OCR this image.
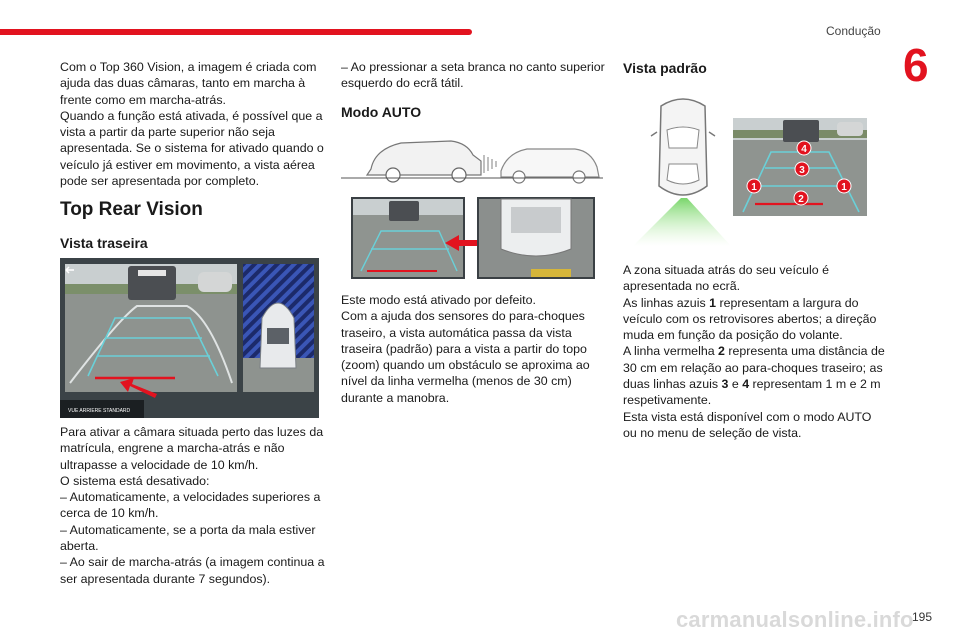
Condução
6

Com o Top 360 Vision, a imagem é criada com ajuda das duas câmaras, tanto em marcha à frente como em marcha-atrás.

Quando a função está ativada, é possível que a vista a partir da parte superior não seja apresentada. Se o sistema for ativado quando o veículo já estiver em movimento, a vista aérea pode ser apresentada por completo.

Top Rear Vision
Vista traseira
VUE ARRIERE STANDARD

Para ativar a câmara situada perto das luzes da matrícula, engrene a marcha-atrás e não ultrapasse a velocidade de 10 km/h.

O sistema está desativado:

– Automaticamente, a velocidades superiores a cerca de 10 km/h.

– Automaticamente, se a porta da mala estiver aberta.

– Ao sair de marcha-atrás (a imagem continua a ser apresentada durante 7 segundos).

– Ao pressionar a seta branca no canto superior esquerdo do ecrã tátil.
Modo AUTO

Este modo está ativado por defeito.

Com a ajuda dos sensores do para-choques traseiro, a vista automática passa da vista traseira (padrão) para a vista a partir do topo (zoom) quando um obstáculo se aproxima ao nível da linha vermelha (menos de 30 cm) durante a manobra.

Vista padrão
4
3
1	1
2

A zona situada atrás do seu veículo é apresentada no ecrã.

As linhas azuis 1 representam a largura do veículo com os retrovisores abertos; a direção muda em função da posição do volante.

A linha vermelha 2 representa uma distância de 30 cm em relação ao para-choques traseiro; as duas linhas azuis 3 e 4 representam 1 m e 2 m respetivamente.

Esta vista está disponível com o modo AUTO ou no menu de seleção de vista.

195
carmanualsonline.info
